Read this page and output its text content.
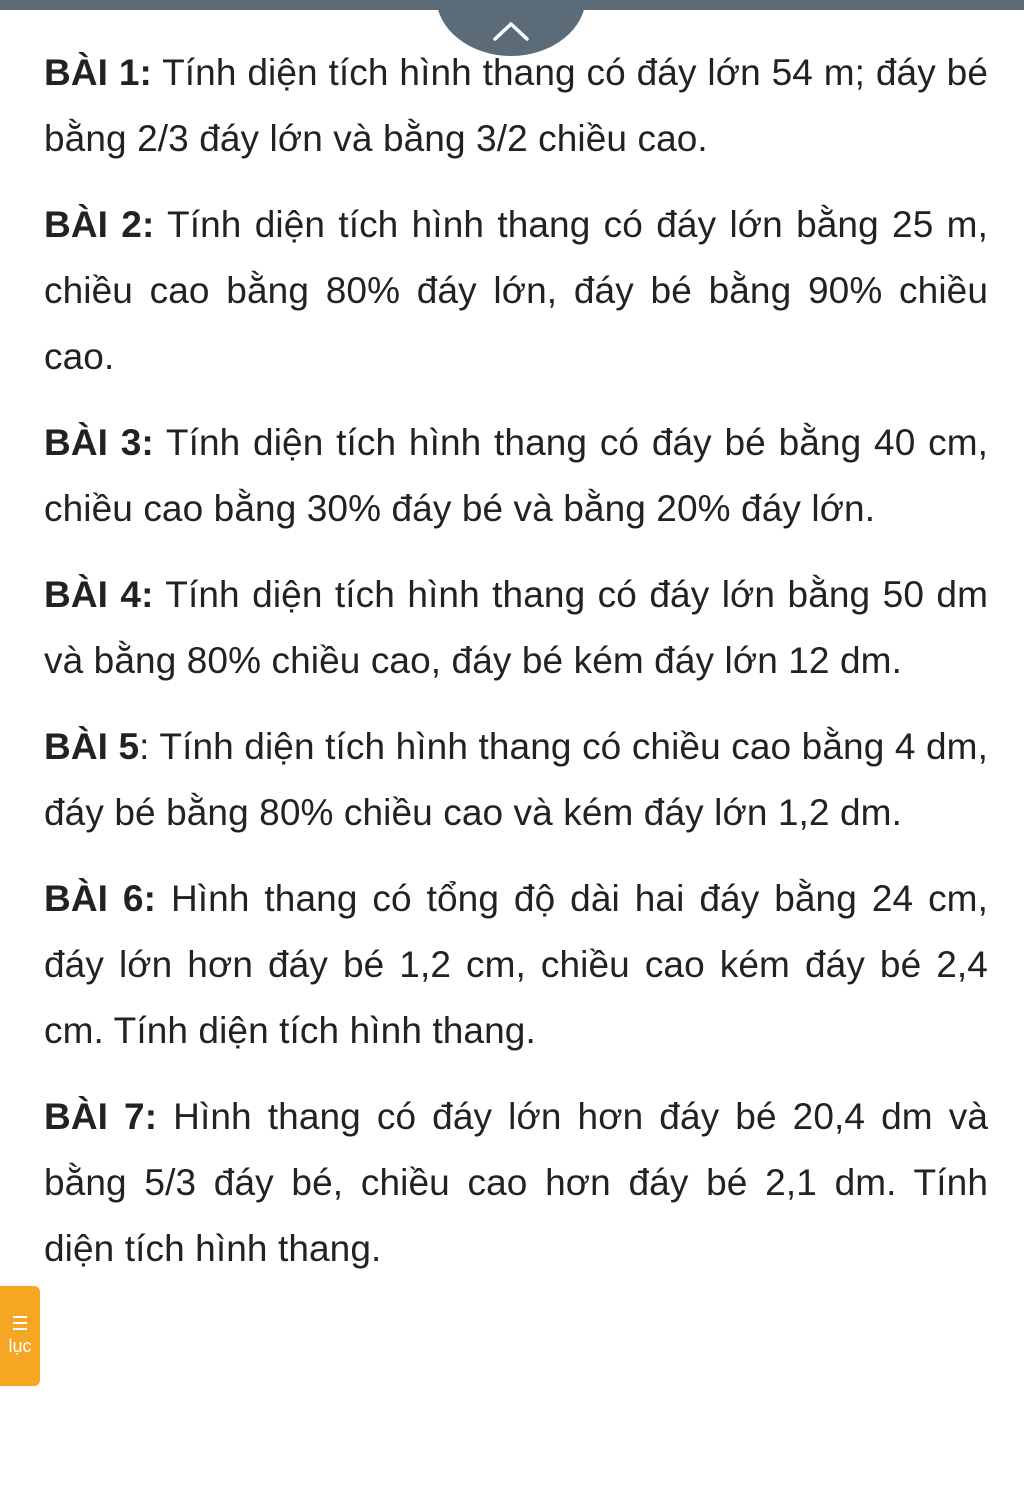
BÀI 1: Tính diện tích hình thang có đáy lớn 54 m; đáy bé bằng 2/3 đáy lớn và bằng 3/2 chiều cao.

BÀI 2: Tính diện tích hình thang có đáy lớn bằng 25 m, chiều cao bằng 80% đáy lớn, đáy bé bằng 90% chiều cao.

BÀI 3: Tính diện tích hình thang có đáy bé bằng 40 cm, chiều cao bằng 30% đáy bé và bằng 20% đáy lớn.

BÀI 4: Tính diện tích hình thang có đáy lớn bằng 50 dm và bằng 80% chiều cao, đáy bé kém đáy lớn 12 dm.

BÀI 5: Tính diện tích hình thang có chiều cao bằng 4 dm, đáy bé bằng 80% chiều cao và kém đáy lớn 1,2 dm.

BÀI 6: Hình thang có tổng độ dài hai đáy bằng 24 cm, đáy lớn hơn đáy bé 1,2 cm, chiều cao kém đáy bé 2,4 cm. Tính diện tích hình thang.

BÀI 7: Hình thang có đáy lớn hơn đáy bé 20,4 dm và bằng 5/3 đáy bé, chiều cao hơn đáy bé 2,1 dm. Tính diện tích hình thang.

lục
